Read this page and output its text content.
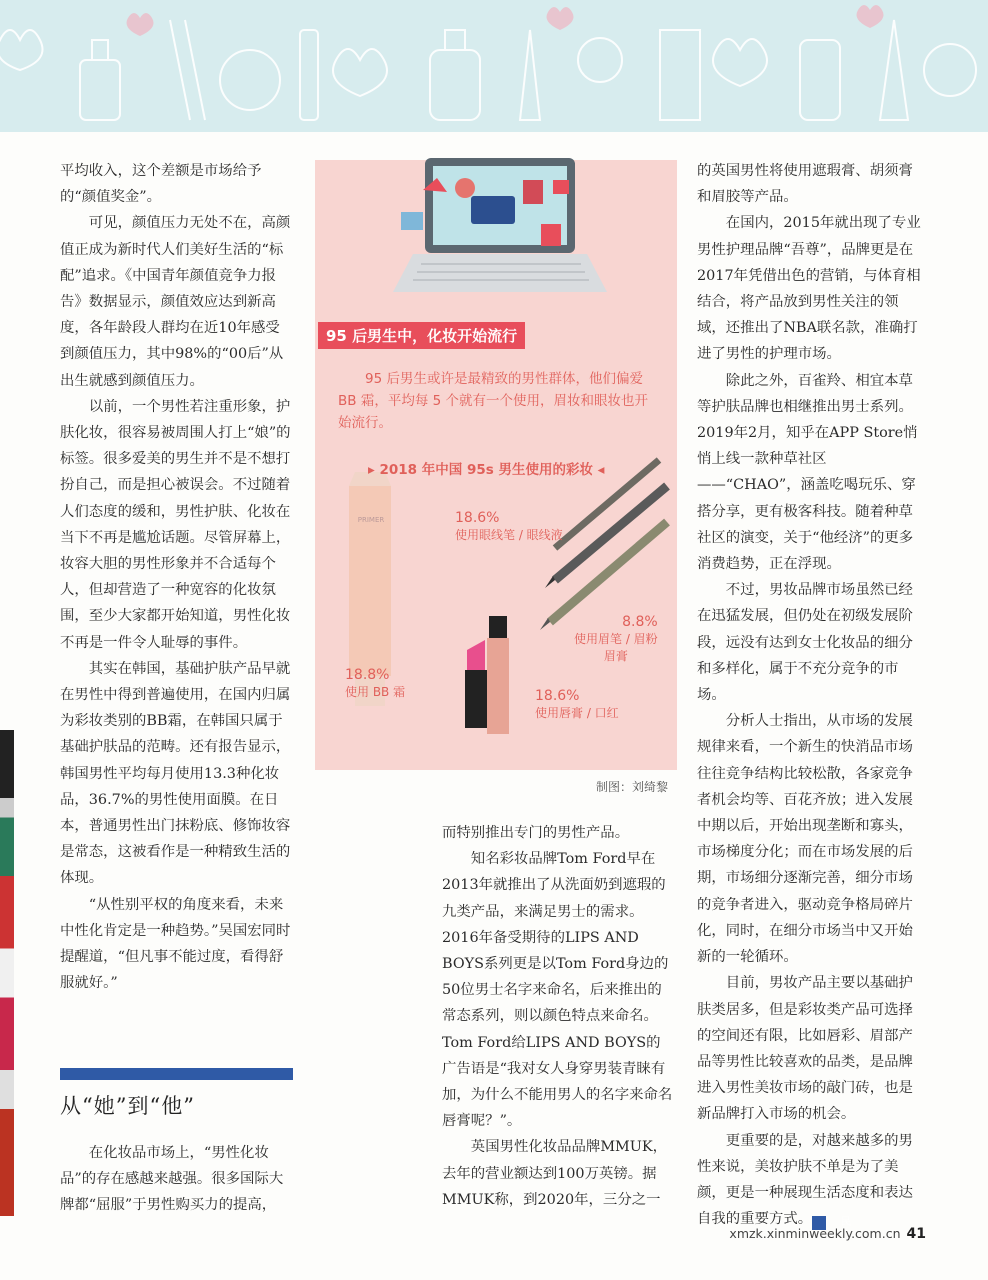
平均收入，这个差额是市场给予的“颜值奖金”。

可见，颜值压力无处不在，高颜值正成为新时代人们美好生活的“标配”追求。《中国青年颜值竞争力报告》数据显示，颜值效应达到新高度，各年龄段人群均在近10年感受到颜值压力，其中98%的“00后”从出生就感到颜值压力。

以前，一个男性若注重形象，护肤化妆，很容易被周围人打上“娘”的标签。很多爱美的男生并不是不想打扮自己，而是担心被误会。不过随着人们态度的缓和，男性护肤、化妆在当下不再是尴尬话题。尽管屏幕上，妆容大胆的男性形象并不合适每个人，但却营造了一种宽容的化妆氛围，至少大家都开始知道，男性化妆不再是一件令人耻辱的事件。

其实在韩国，基础护肤产品早就在男性中得到普遍使用，在国内归属为彩妆类别的BB霜，在韩国只属于基础护肤品的范畴。还有报告显示，韩国男性平均每月使用13.3种化妆品，36.7%的男性使用面膜。在日本，普通男性出门抹粉底、修饰妆容是常态，这被看作是一种精致生活的体现。

“从性别平权的角度来看，未来中性化肯定是一种趋势。”吴国宏同时提醒道，“但凡事不能过度，看得舒服就好。”

从“她”到“他”

在化妆品市场上，“男性化妆品”的存在感越来越强。很多国际大牌都“屈服”于男性购买力的提高，

PRIMER
95 后男生中，化妆开始流行
95 后男生或许是最精致的男性群体，他们偏爱 BB 霜，平均每 5 个就有一个使用，眉妆和眼妆也开始流行。
▸ 2018 年中国 95s 男生使用的彩妆 ◂
18.6%
使用眼线笔 / 眼线液
8.8%
使用眉笔 / 眉粉
眉膏
18.8%
使用 BB 霜	18.6%
使用唇膏 / 口红
制图：刘绮黎

而特别推出专门的男性产品。

知名彩妆品牌Tom Ford早在2013年就推出了从洗面奶到遮瑕的九类产品，来满足男士的需求。2016年备受期待的LIPS AND BOYS系列更是以Tom Ford身边的50位男士名字来命名，后来推出的常态系列，则以颜色特点来命名。Tom Ford给LIPS AND BOYS的广告语是“我对女人身穿男装青睐有加，为什么不能用男人的名字来命名唇膏呢？”。

英国男性化妆品品牌MMUK，去年的营业额达到100万英镑。据MMUK称，到2020年，三分之一

的英国男性将使用遮瑕膏、胡须膏和眉胶等产品。

在国内，2015年就出现了专业男性护理品牌“吾尊”，品牌更是在2017年凭借出色的营销，与体育相结合，将产品放到男性关注的领域，还推出了NBA联名款，准确打进了男性的护理市场。

除此之外，百雀羚、相宜本草等护肤品牌也相继推出男士系列。2019年2月，知乎在APP Store悄悄上线一款种草社区——“CHAO”，涵盖吃喝玩乐、穿搭分享，更有极客科技。随着种草社区的演变，关于“他经济”的更多消费趋势，正在浮现。

不过，男妆品牌市场虽然已经在迅猛发展，但仍处在初级发展阶段，远没有达到女士化妆品的细分和多样化，属于不充分竞争的市场。

分析人士指出，从市场的发展规律来看，一个新生的快消品市场往往竞争结构比较松散，各家竞争者机会均等、百花齐放；进入发展中期以后，开始出现垄断和寡头，市场梯度分化；而在市场发展的后期，市场细分逐渐完善，细分市场的竞争者进入，驱动竞争格局碎片化，同时，在细分市场当中又开始新的一轮循环。

目前，男妆产品主要以基础护肤类居多，但是彩妆类产品可选择的空间还有限，比如唇彩、眉部产品等男性比较喜欢的品类，是品牌进入男性美妆市场的敲门砖，也是新品牌打入市场的机会。

更重要的是，对越来越多的男性来说，美妆护肤不单是为了美颜，更是一种展现生活态度和表达自我的重要方式。	民

xmzk.xinminweekly.com.cn 41
